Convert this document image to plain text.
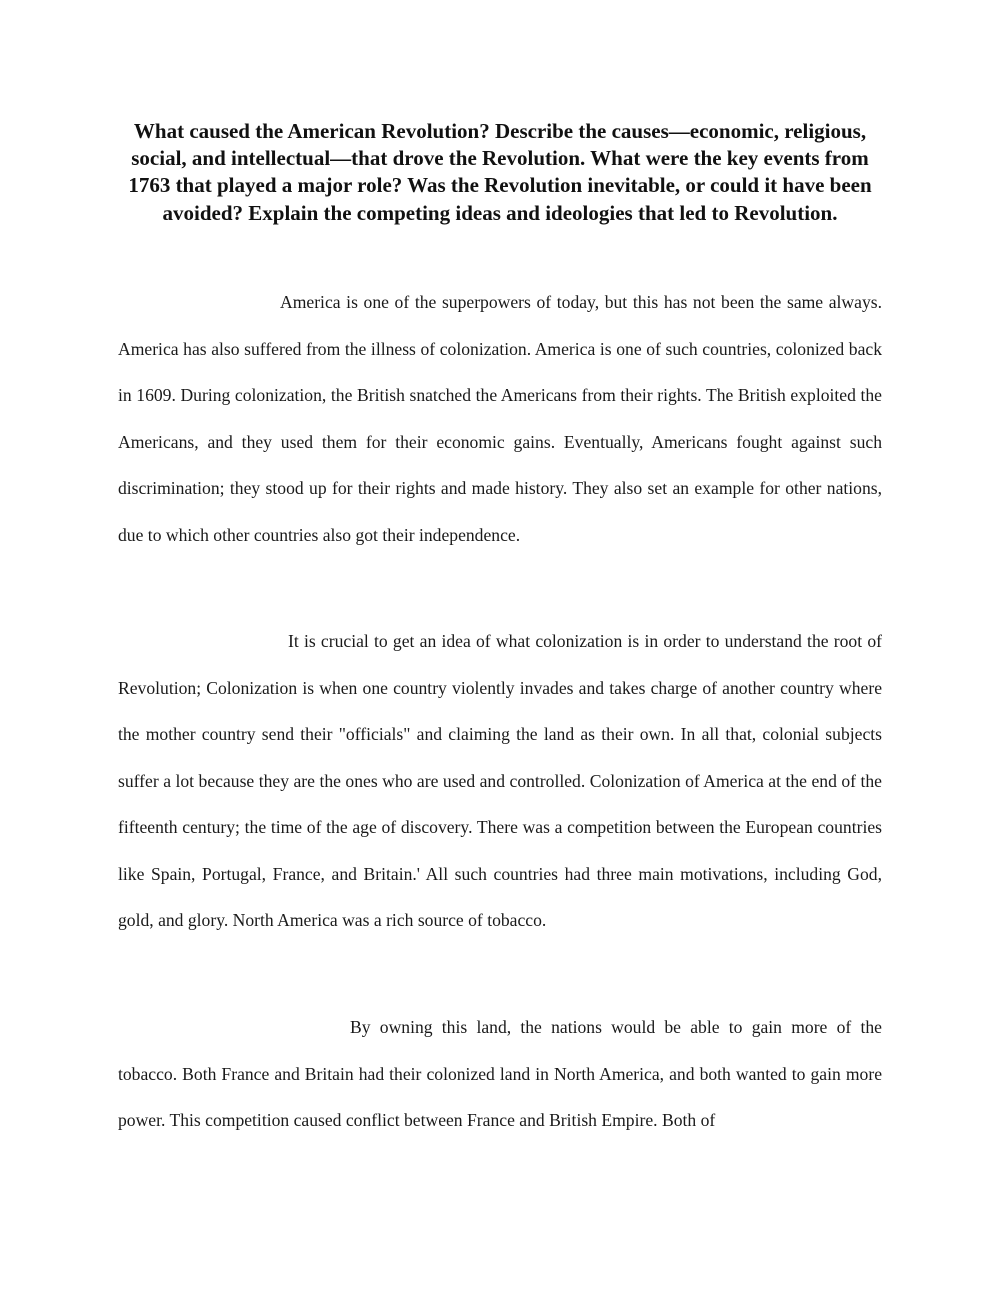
What caused the American Revolution? Describe the causes—economic, religious, social, and intellectual—that drove the Revolution. What were the key events from 1763 that played a major role? Was the Revolution inevitable, or could it have been avoided? Explain the competing ideas and ideologies that led to Revolution.

America is one of the superpowers of today, but this has not been the same always. America has also suffered from the illness of colonization. America is one of such countries, colonized back in 1609. During colonization, the British snatched the Americans from their rights. The British exploited the Americans, and they used them for their economic gains. Eventually, Americans fought against such discrimination; they stood up for their rights and made history. They also set an example for other nations, due to which other countries also got their independence.

It is crucial to get an idea of what colonization is in order to understand the root of Revolution; Colonization is when one country violently invades and takes charge of another country where the mother country send their "officials" and claiming the land as their own. In all that, colonial subjects suffer a lot because they are the ones who are used and controlled. Colonization of America at the end of the fifteenth century; the time of the age of discovery. There was a competition between the European countries like Spain, Portugal, France, and Britain.' All such countries had three main motivations, including God, gold, and glory. North America was a rich source of tobacco.

By owning this land, the nations would be able to gain more of the tobacco. Both France and Britain had their colonized land in North America, and both wanted to gain more power. This competition caused conflict between France and British Empire. Both of
